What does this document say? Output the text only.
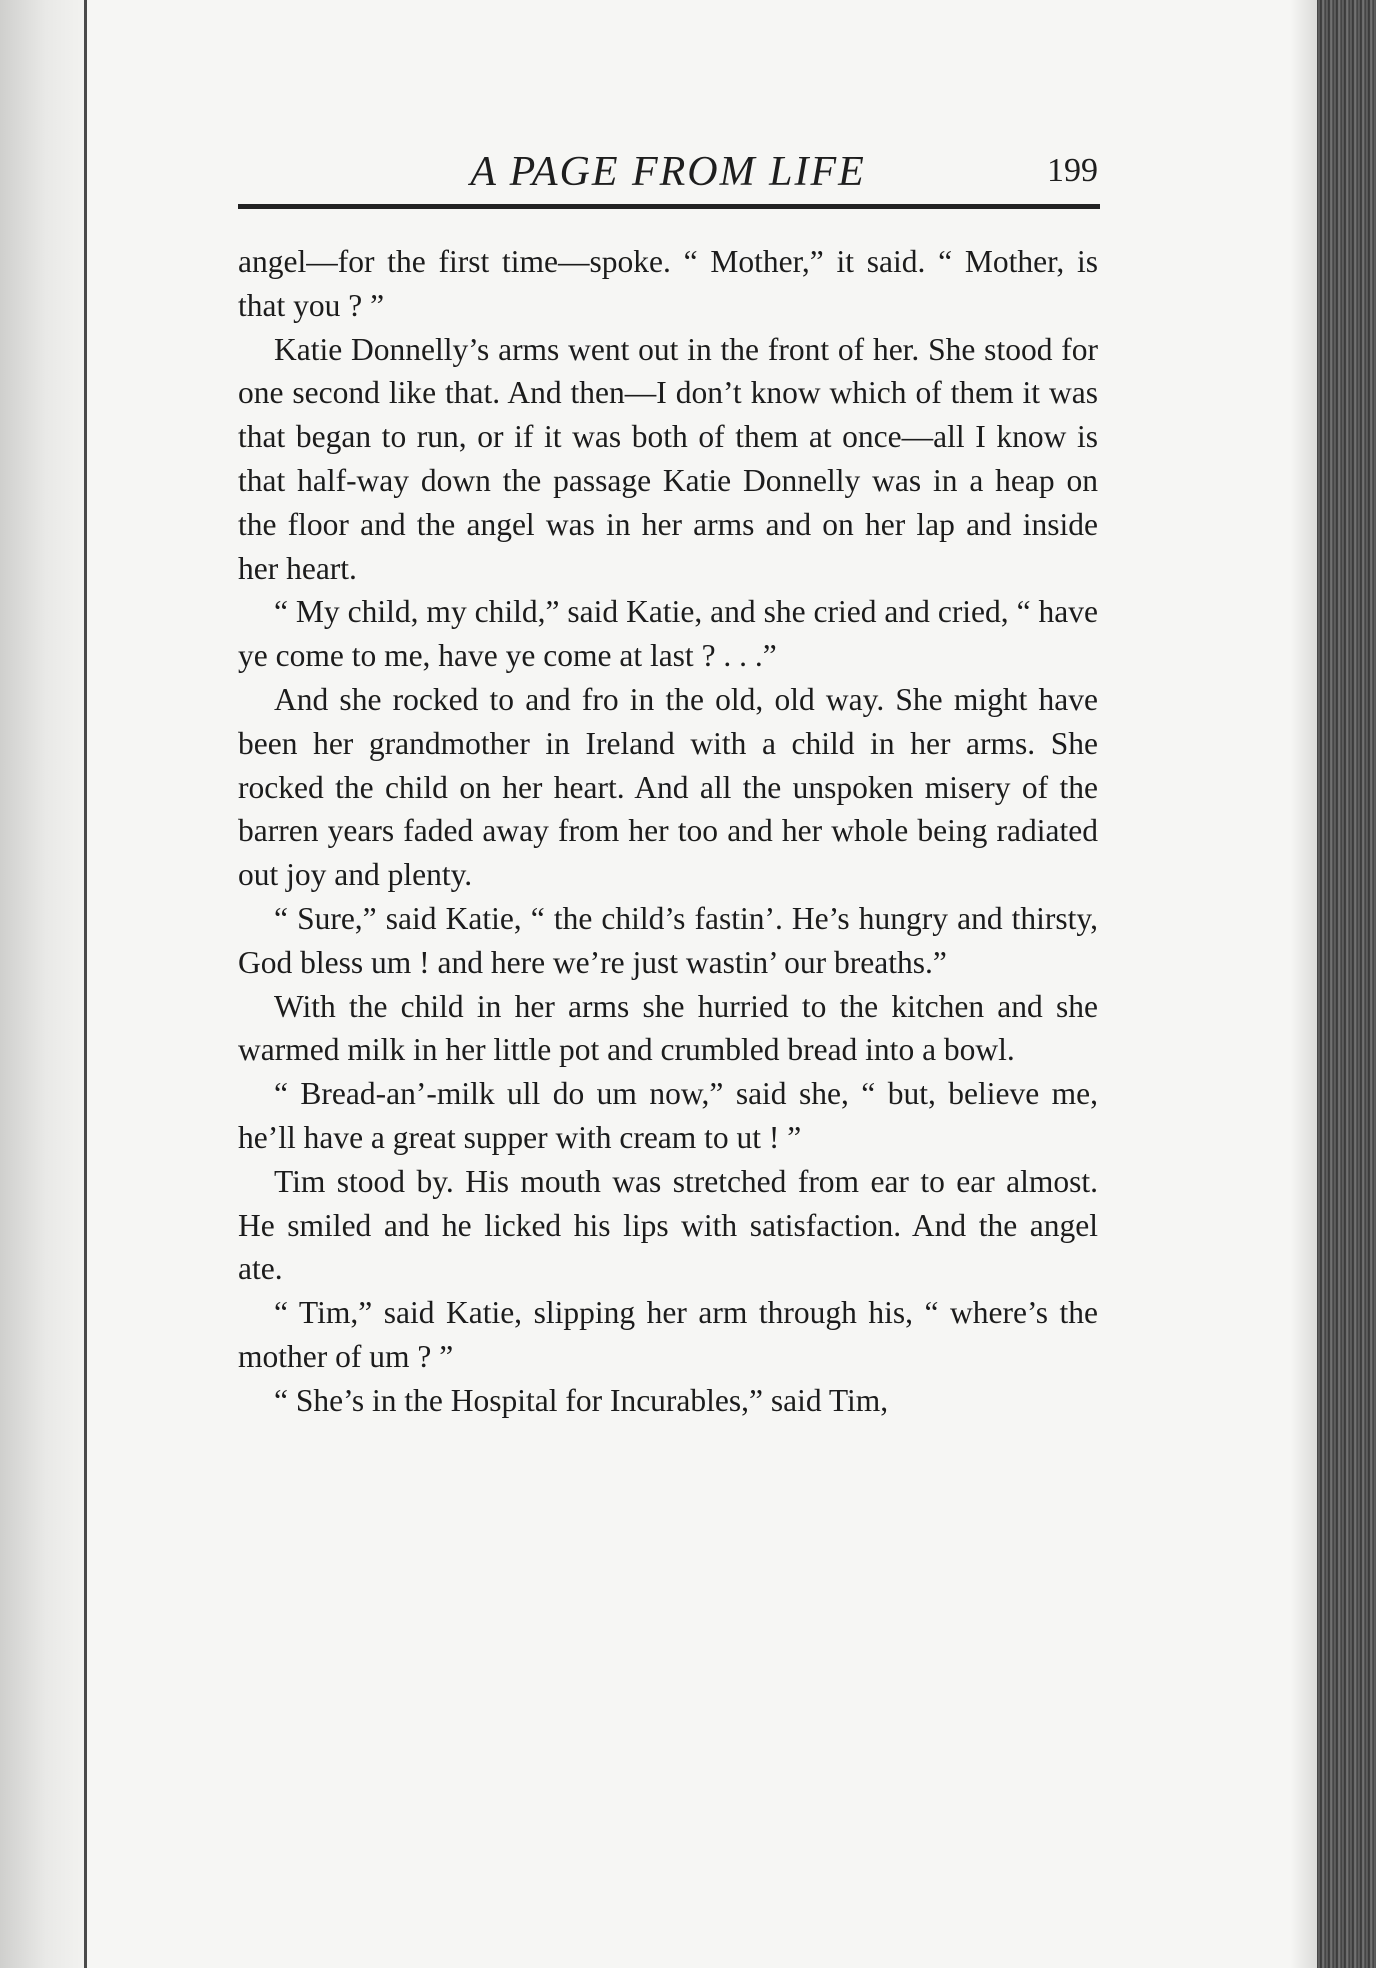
A PAGE FROM LIFE	199

angel—for the first time—spoke. “ Mother,” it said. “ Mother, is that you ? ”

Katie Donnelly’s arms went out in the front of her. She stood for one second like that. And then—I don’t know which of them it was that began to run, or if it was both of them at once—all I know is that half-way down the passage Katie Donnelly was in a heap on the floor and the angel was in her arms and on her lap and inside her heart.

“ My child, my child,” said Katie, and she cried and cried, “ have ye come to me, have ye come at last ? . . .”

And she rocked to and fro in the old, old way. She might have been her grandmother in Ireland with a child in her arms. She rocked the child on her heart. And all the unspoken misery of the barren years faded away from her too and her whole being radiated out joy and plenty.

“ Sure,” said Katie, “ the child’s fastin’. He’s hungry and thirsty, God bless um ! and here we’re just wastin’ our breaths.”

With the child in her arms she hurried to the kitchen and she warmed milk in her little pot and crumbled bread into a bowl.

“ Bread-an’-milk ull do um now,” said she, “ but, believe me, he’ll have a great supper with cream to ut ! ”

Tim stood by. His mouth was stretched from ear to ear almost. He smiled and he licked his lips with satisfaction. And the angel ate.

“ Tim,” said Katie, slipping her arm through his, “ where’s the mother of um ? ”

“ She’s in the Hospital for Incurables,” said Tim,
